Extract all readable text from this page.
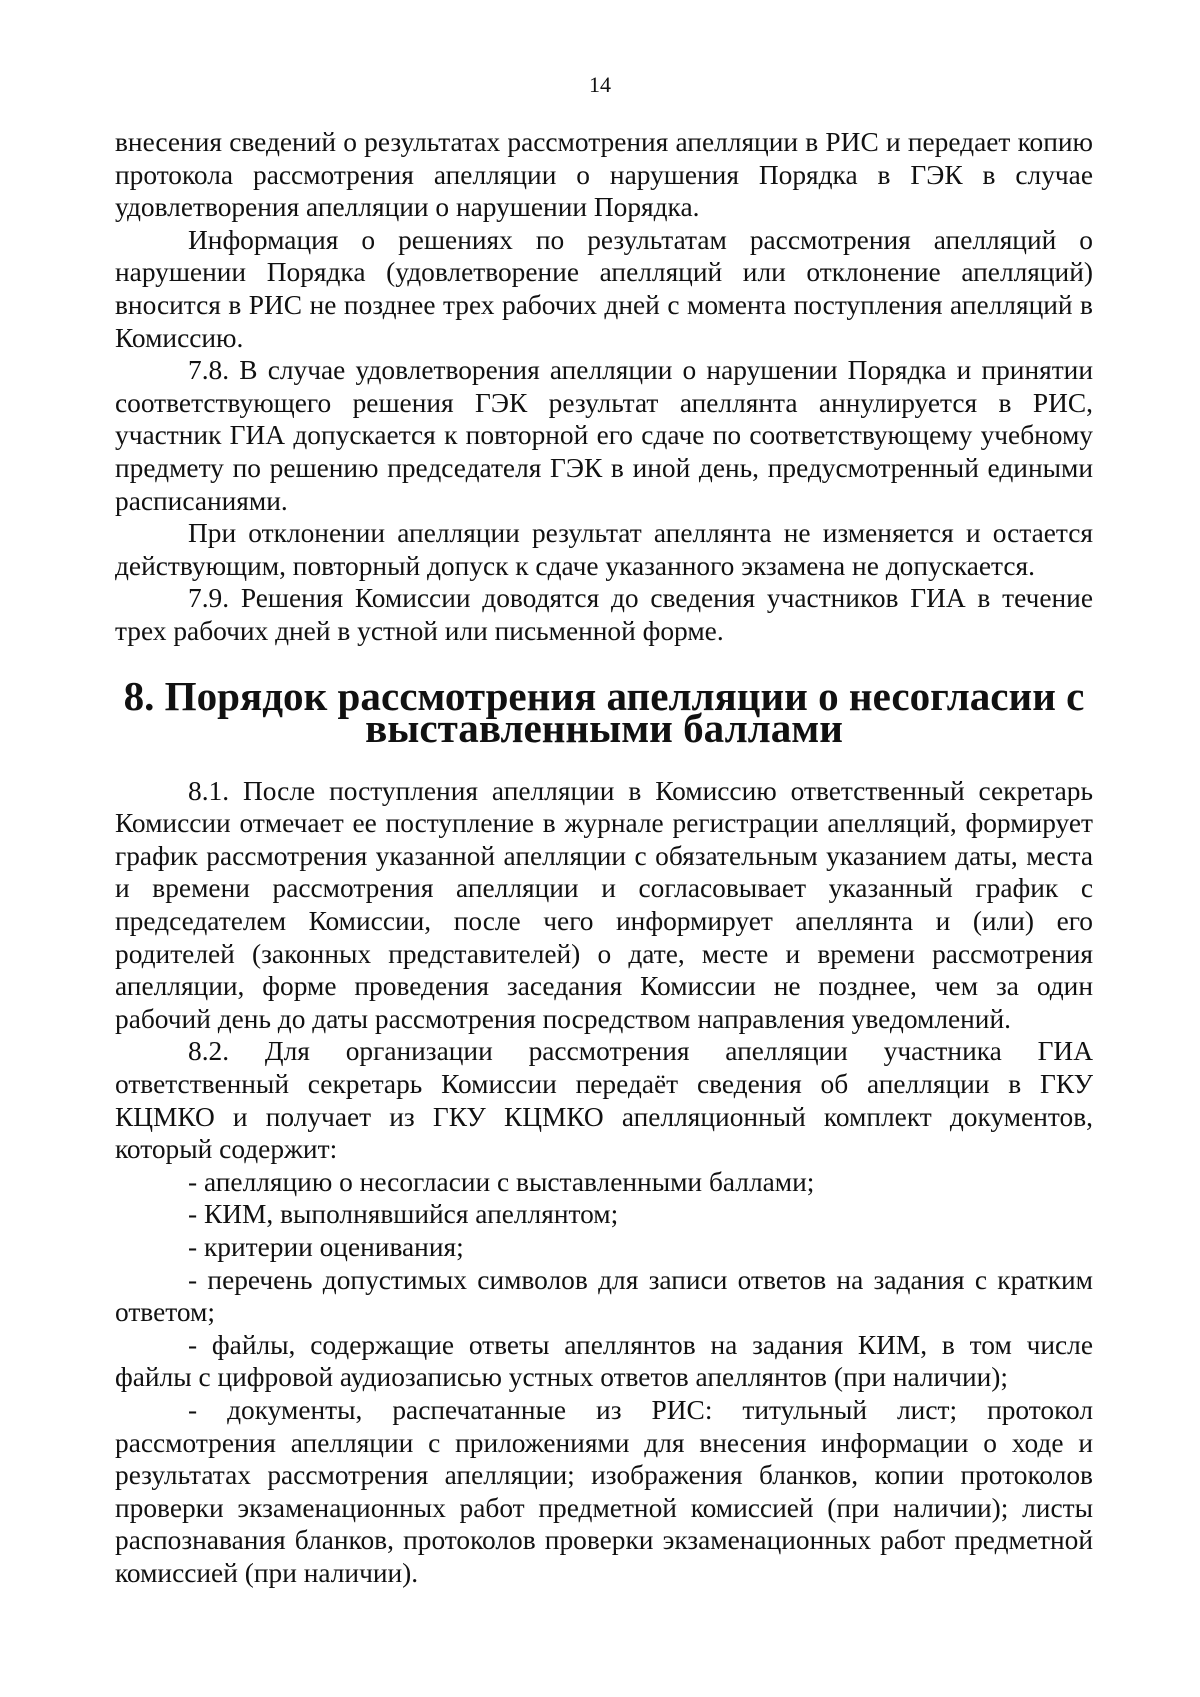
14

внесения сведений о результатах рассмотрения апелляции в РИС и передает копию протокола рассмотрения апелляции о нарушения Порядка в ГЭК в случае удовлетворения апелляции о нарушении Порядка.

Информация о решениях по результатам рассмотрения апелляций о нарушении Порядка (удовлетворение апелляций или отклонение апелляций) вносится в РИС не позднее трех рабочих дней с момента поступления апелляций в Комиссию.

7.8. В случае удовлетворения апелляции о нарушении Порядка и принятии соответствующего решения ГЭК результат апеллянта аннулируется в РИС, участник ГИА допускается к повторной его сдаче по соответствующему учебному предмету по решению председателя ГЭК в иной день, предусмотренный едиными расписаниями.

При отклонении апелляции результат апеллянта не изменяется и остается действующим, повторный допуск к сдаче указанного экзамена не допускается.

7.9. Решения Комиссии доводятся до сведения участников ГИА в течение трех рабочих дней в устной или письменной форме.

8. Порядок рассмотрения апелляции о несогласии с
выставленными баллами

8.1. После поступления апелляции в Комиссию ответственный секретарь Комиссии отмечает ее поступление в журнале регистрации апелляций, формирует график рассмотрения указанной апелляции с обязательным указанием даты, места и времени рассмотрения апелляции и согласовывает указанный график с председателем Комиссии, после чего информирует апеллянта и (или) его родителей (законных представителей) о дате, месте и времени рассмотрения апелляции, форме проведения заседания Комиссии не позднее, чем за один рабочий день до даты рассмотрения посредством направления уведомлений.

8.2. Для организации рассмотрения апелляции участника ГИА ответственный секретарь Комиссии передаёт сведения об апелляции в ГКУ КЦМКО и получает из ГКУ КЦМКО апелляционный комплект документов, который содержит:

- апелляцию о несогласии с выставленными баллами;

- КИМ, выполнявшийся апеллянтом;

- критерии оценивания;

- перечень допустимых символов для записи ответов на задания с кратким ответом;

- файлы, содержащие ответы апеллянтов на задания КИМ, в том числе файлы с цифровой аудиозаписью устных ответов апеллянтов (при наличии);

- документы, распечатанные из РИС: титульный лист; протокол рассмотрения апелляции с приложениями для внесения информации о ходе и результатах рассмотрения апелляции; изображения бланков, копии протоколов проверки экзаменационных работ предметной комиссией (при наличии); листы распознавания бланков, протоколов проверки экзаменационных работ предметной комиссией (при наличии).
